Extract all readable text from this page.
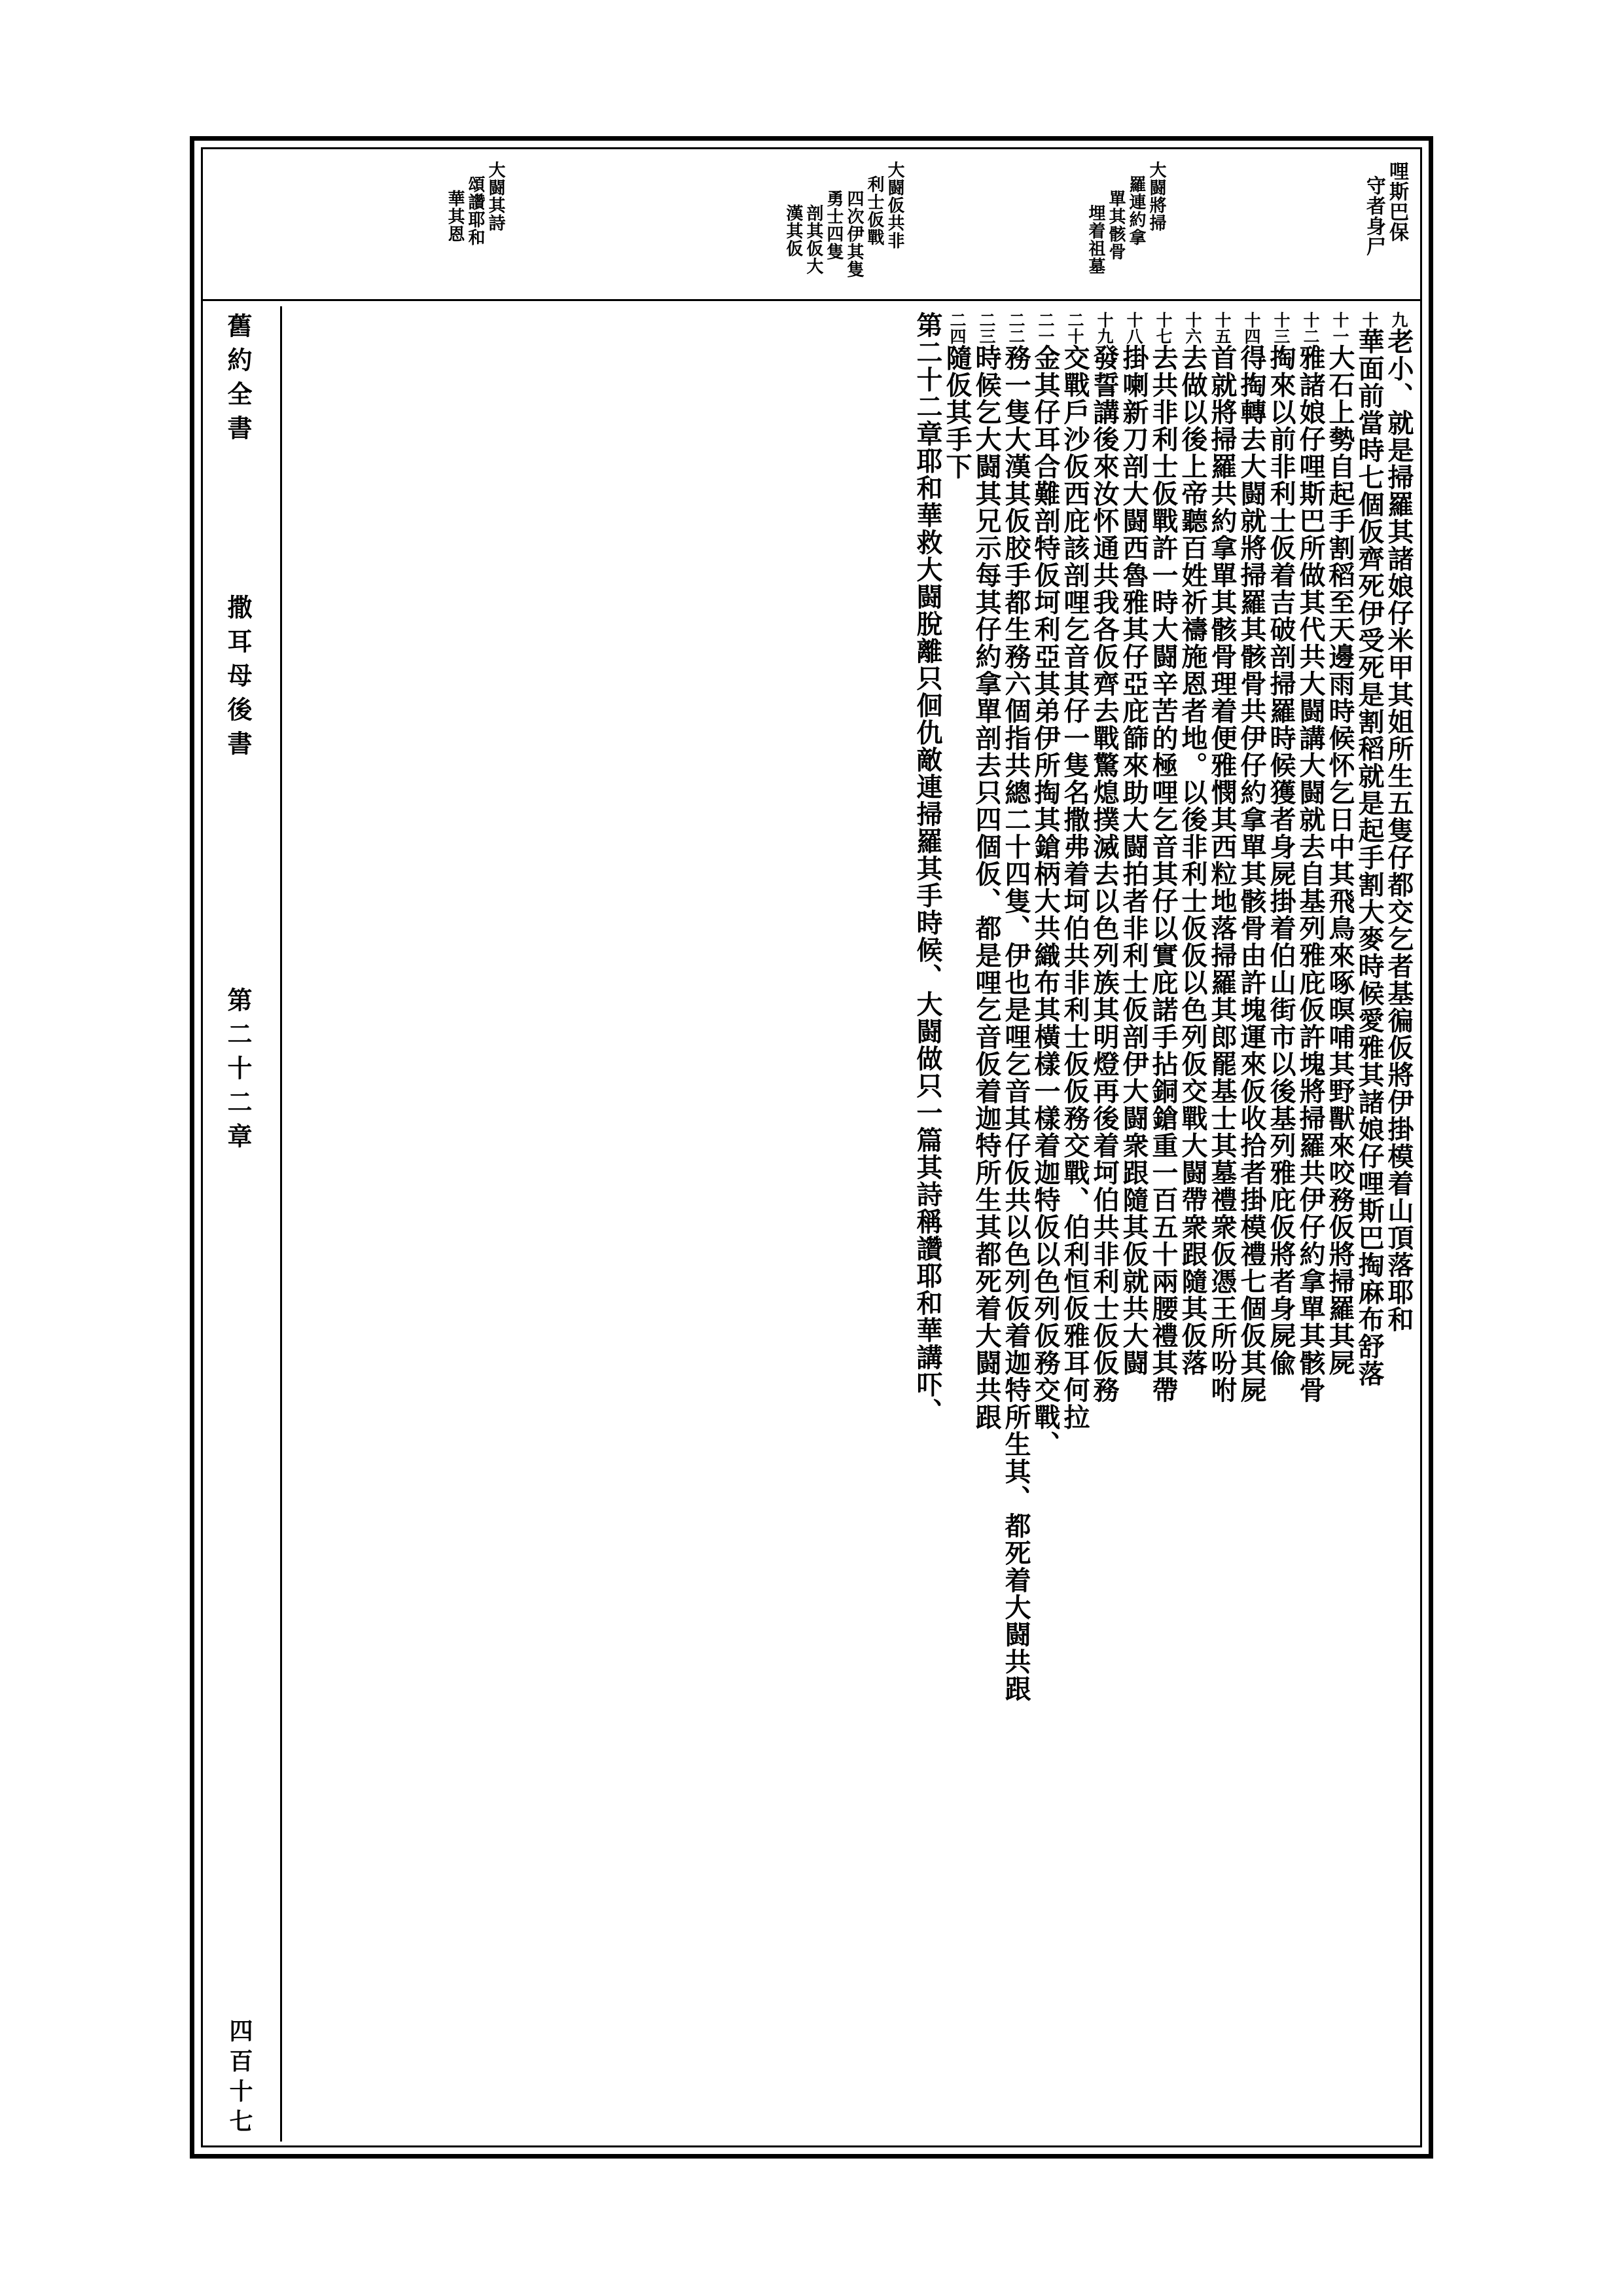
哩斯巴保
守者身尸
大闘將掃
羅連約拿
單其骸骨
埋着祖墓
大闘仮共非
利士仮戰
四次伊其隻
勇士四隻
剖其仮大
漢其仮
大闘其詩
頌讚耶和
華其恩
舊約全書
撒耳母後書
第二十二章
四百十七
九老小、就是掃羅其諸娘仔米甲其姐所生五隻仔都交乞者基徧仮將伊掛模着山頂落耶和
十華面前當時七個仮齊死伊受死是割稻就是起手割大麥時候愛雅其諸娘仔哩斯巴掏麻布舒落
十一大石上勢自起手割稻至天邊雨時候怀乞日中其飛鳥來啄暝哺其野獸來咬務仮將掃羅其屍
十二雅諸娘仔哩斯巴所做其代共大闘講大闘就去自基列雅庇仮許塊將掃羅共伊仔約拿單其骸骨
十三掏來以前非利士仮着吉破剖掃羅時候獲者身屍掛着伯山街市以後基列雅庇仮將者身屍偸
十四得掏轉去大闘就將掃羅其骸骨共伊仔約拿單其骸骨由許塊運來仮收拾者掛模禮七個仮其屍
十五首就將掃羅共約拿單其骸骨理着便雅憫其西粒地落掃羅其郎罷基士其墓禮衆仮憑王所吩咐
十六去做以後上帝聽百姓祈禱施恩者地。以後非利士仮仮以色列仮交戰大闘帶衆跟隨其仮落
十七去共非利士仮戰許一時大闘辛苦的極哩乞音其仔以實庇諾手拈銅鎗重一百五十兩腰禮其帶
十八掛喇新刀剖大闘西魯雅其仔亞庇篩來助大闘拍者非利士仮剖伊大闘衆跟隨其仮就共大闘
十九發誓講後來汝怀通共我各仮齊去戰驚熄撲滅去以色列族其明燈再後着坷伯共非利士仮仮務
二十交戰戶沙仮西庇該剖哩乞音其仔一隻名撒弗着坷伯共非利士仮仮務交戰、伯利恒仮雅耳何拉
二一金其仔耳合難剖特仮坷利亞其弟伊所掏其鎗柄大共織布其橫樣一樣着迦特仮以色列仮務交戰、
二二務一隻大漢其仮胶手都生務六個指共總二十四隻、伊也是哩乞音其仔仮共以色列仮着迦特所生其、都死着大闘共跟
二三時候乞大闘其兄示每其仔約拿單剖去只四個仮、都是哩乞音仮着迦特所生其都死着大闘共跟
二四隨仮其手下
第二十二章耶和華救大闘脫離只佪仇敵連掃羅其手時候、大闘做只一篇其詩稱讚耶和華講吓、
